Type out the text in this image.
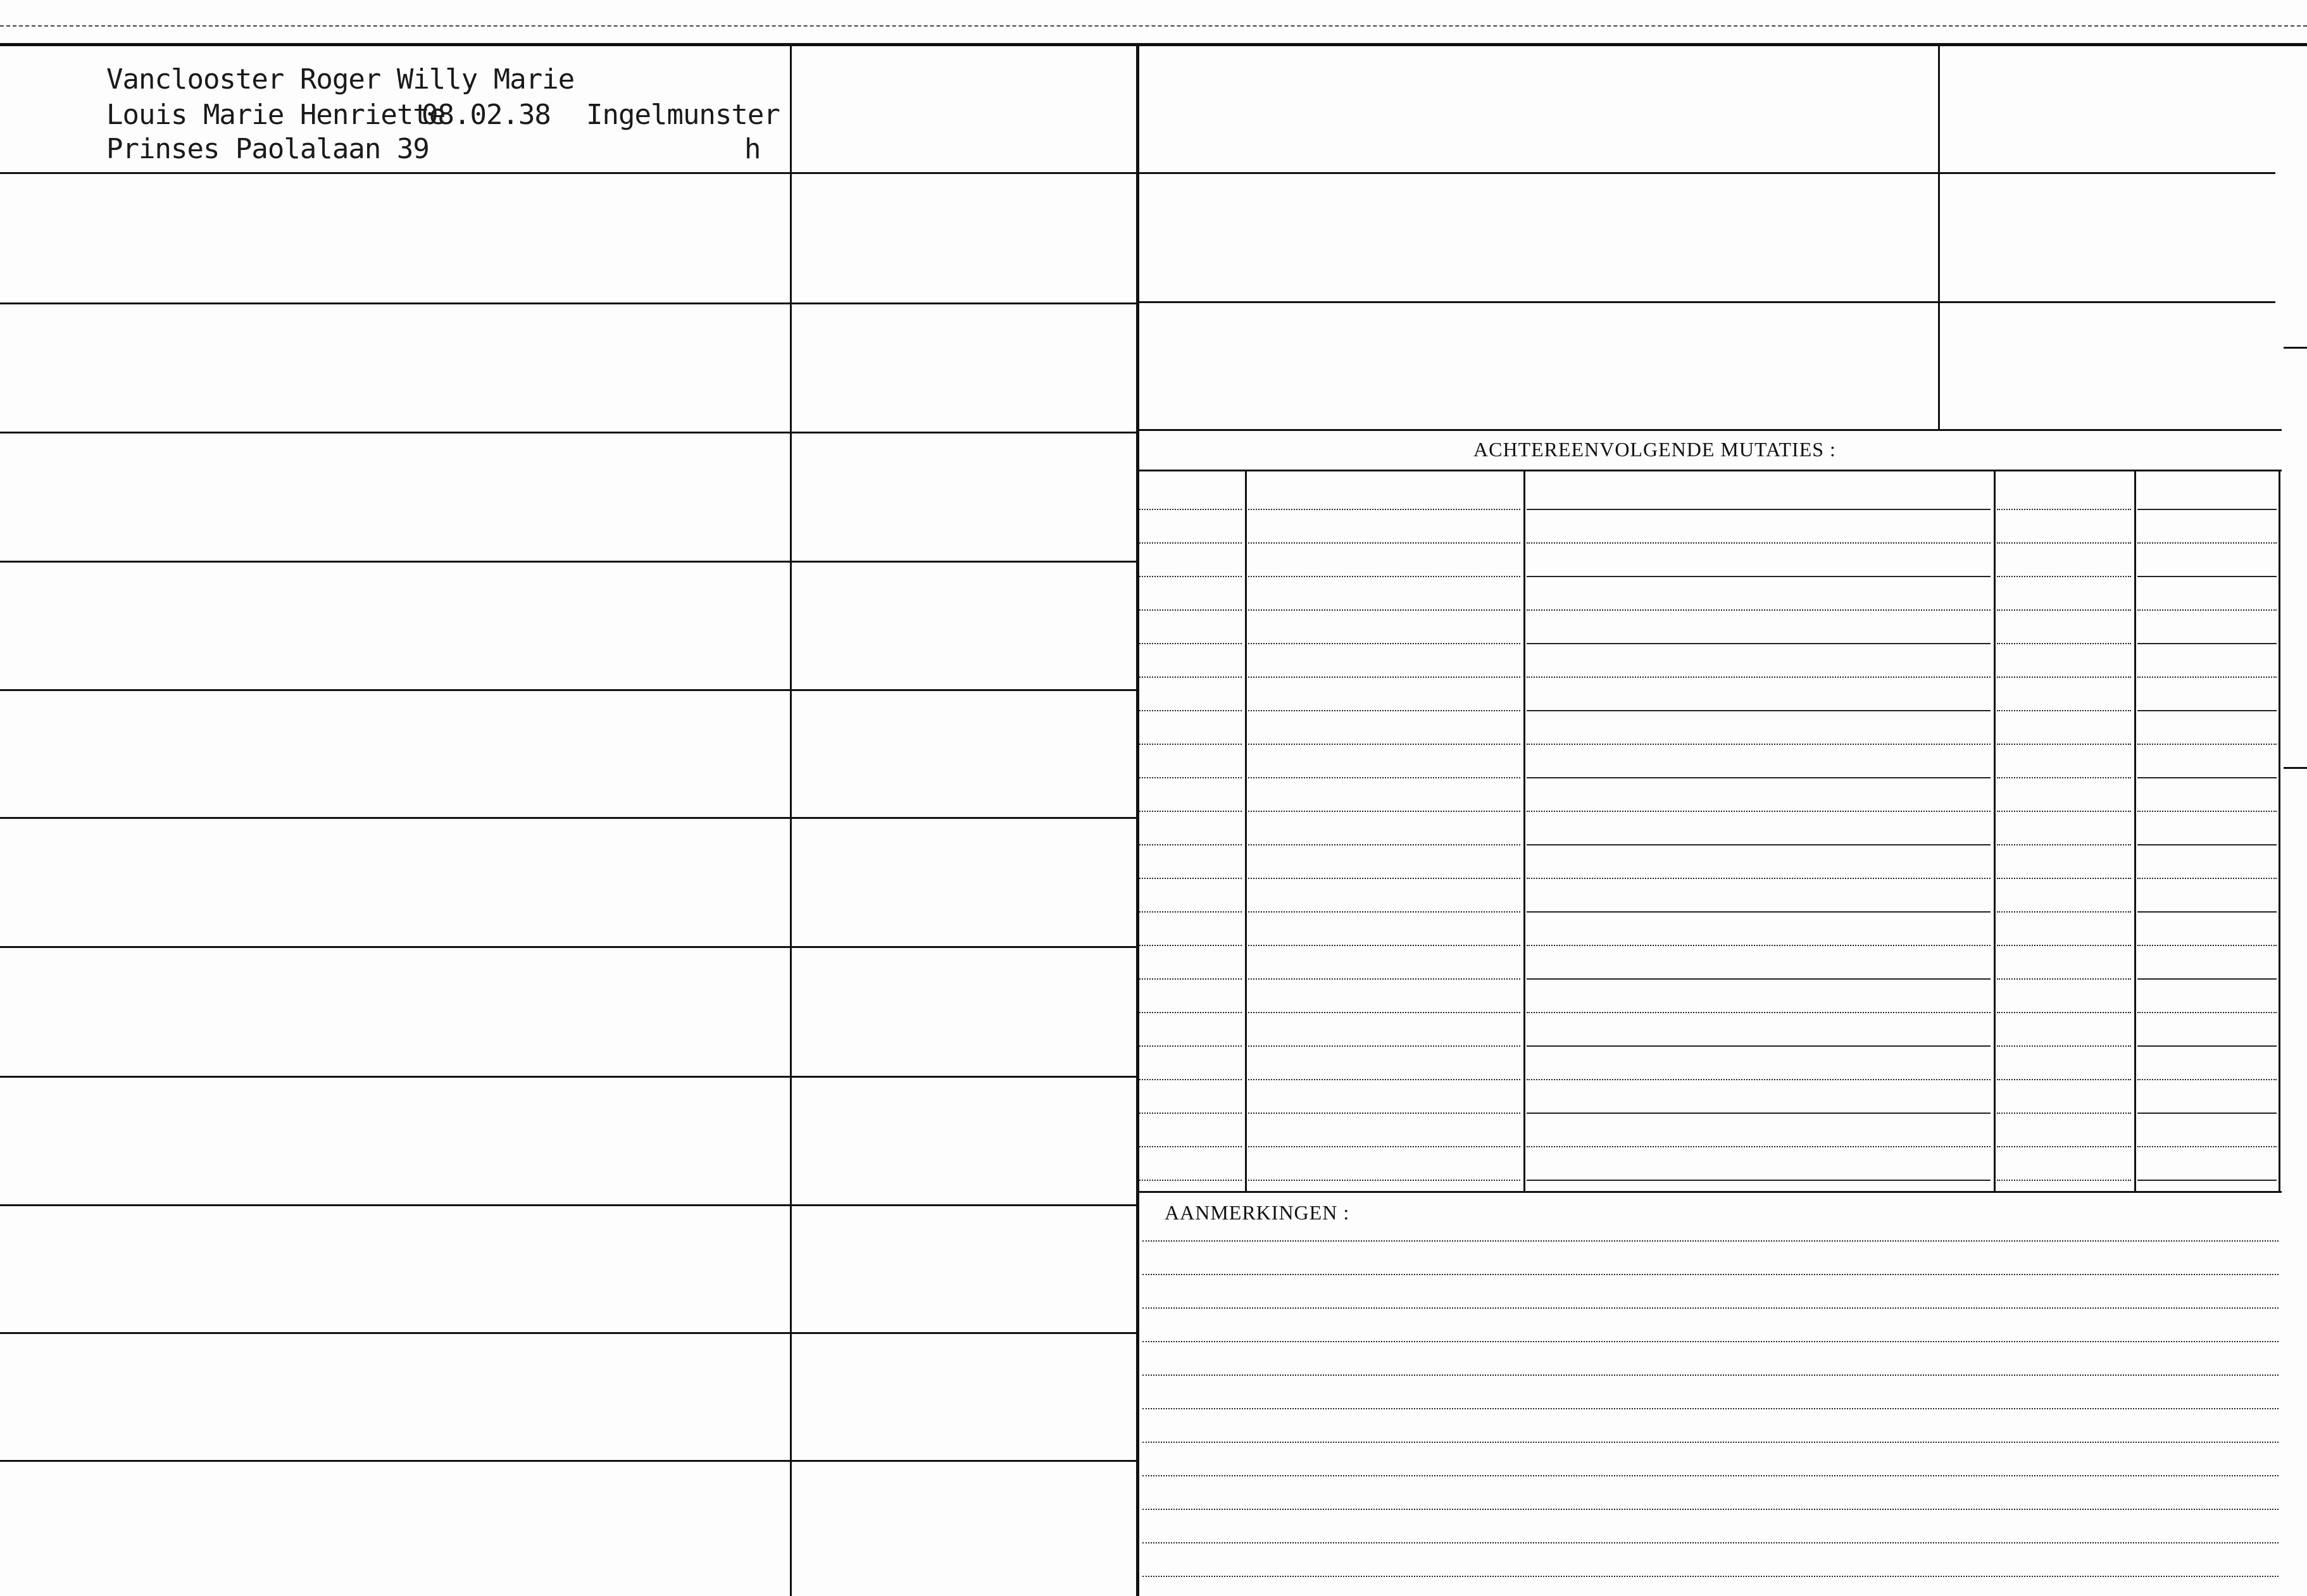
ACHTEREENVOLGENDE MUTATIES :
AANMERKINGEN :
Vanclooster Roger Willy Marie
Louis Marie Henriette
08.02.38 Ingelmunster
Prinses Paolalaan 39	h
